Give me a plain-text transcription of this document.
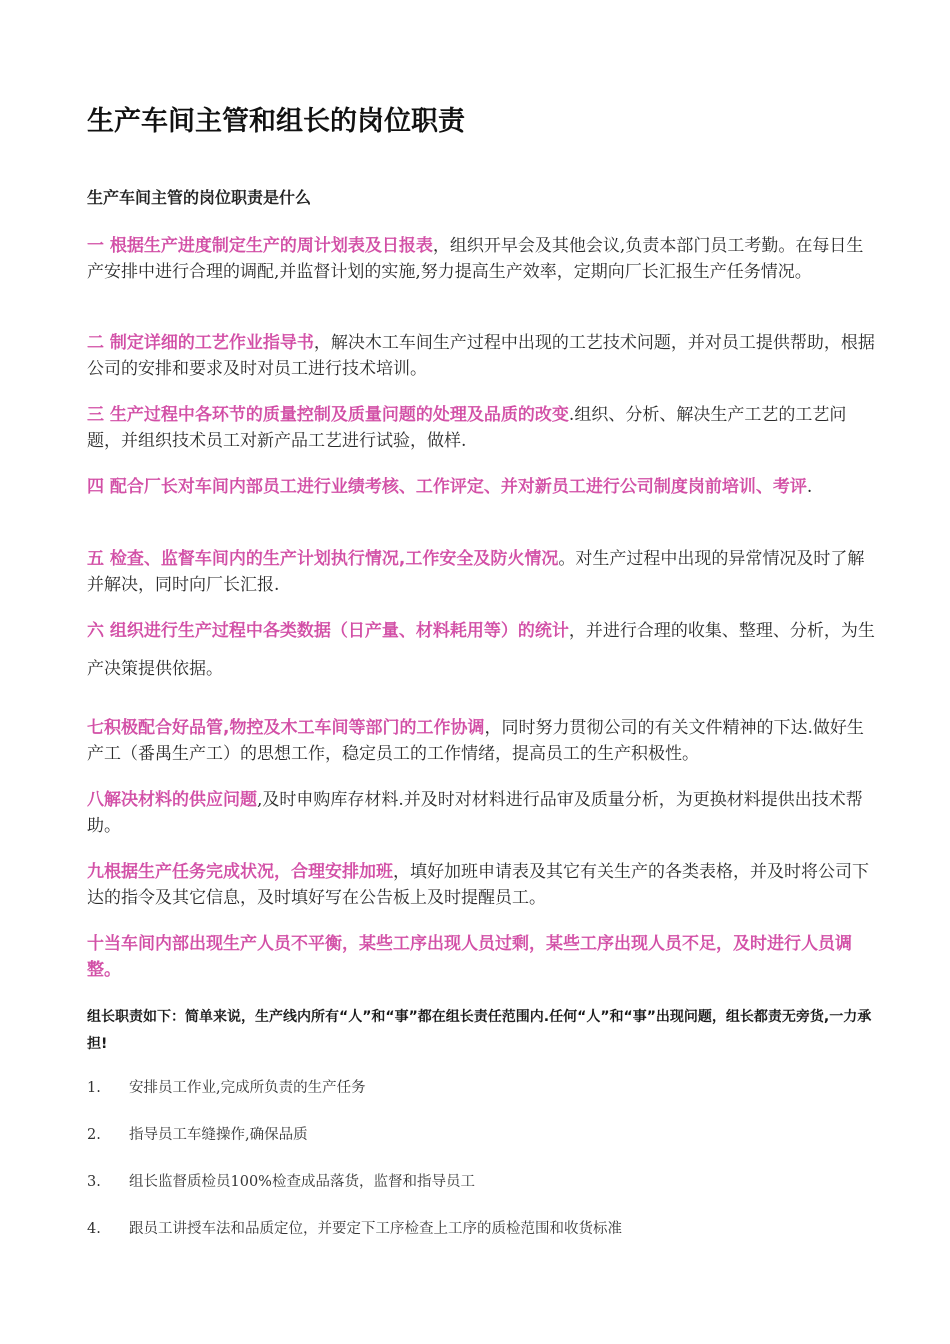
生产车间主管和组长的岗位职责
生产车间主管的岗位职责是什么

一 根据生产进度制定生产的周计划表及日报表，组织开早会及其他会议,负责本部门员工考勤。在每日生产安排中进行合理的调配,并监督计划的实施,努力提高生产效率，定期向厂长汇报生产任务情况。

二 制定详细的工艺作业指导书，解决木工车间生产过程中出现的工艺技术问题，并对员工提供帮助，根据公司的安排和要求及时对员工进行技术培训。

三 生产过程中各环节的质量控制及质量问题的处理及品质的改变.组织、分析、解决生产工艺的工艺问题，并组织技术员工对新产品工艺进行试验，做样.

四 配合厂长对车间内部员工进行业绩考核、工作评定、并对新员工进行公司制度岗前培训、考评.

五 检查、监督车间内的生产计划执行情况,工作安全及防火情况。对生产过程中出现的异常情况及时了解并解决，同时向厂长汇报.

六 组织进行生产过程中各类数据（日产量、材料耗用等）的统计，并进行合理的收集、整理、分析，为生产决策提供依据。

七积极配合好品管,物控及木工车间等部门的工作协调，同时努力贯彻公司的有关文件精神的下达.做好生产工（番禺生产工）的思想工作，稳定员工的工作情绪，提高员工的生产积极性。

八解决材料的供应问题,及时申购库存材料.并及时对材料进行品审及质量分析，为更换材料提供出技术帮助。

九根据生产任务完成状况，合理安排加班，填好加班申请表及其它有关生产的各类表格，并及时将公司下达的指令及其它信息，及时填好写在公告板上及时提醒员工。

十当车间内部出现生产人员不平衡，某些工序出现人员过剩，某些工序出现人员不足，及时进行人员调整。

组长职责如下：简单来说，生产线内所有“人”和“事”都在组长责任范围内.任何“人”和“事”出现问题，组长都责无旁货,一力承担!

1. 安排员工作业,完成所负责的生产任务
2. 指导员工车缝操作,确保品质
3. 组长监督质检员100%检查成品落货，监督和指导员工
4. 跟员工讲授车法和品质定位，并要定下工序检查上工序的质检范围和收货标准
